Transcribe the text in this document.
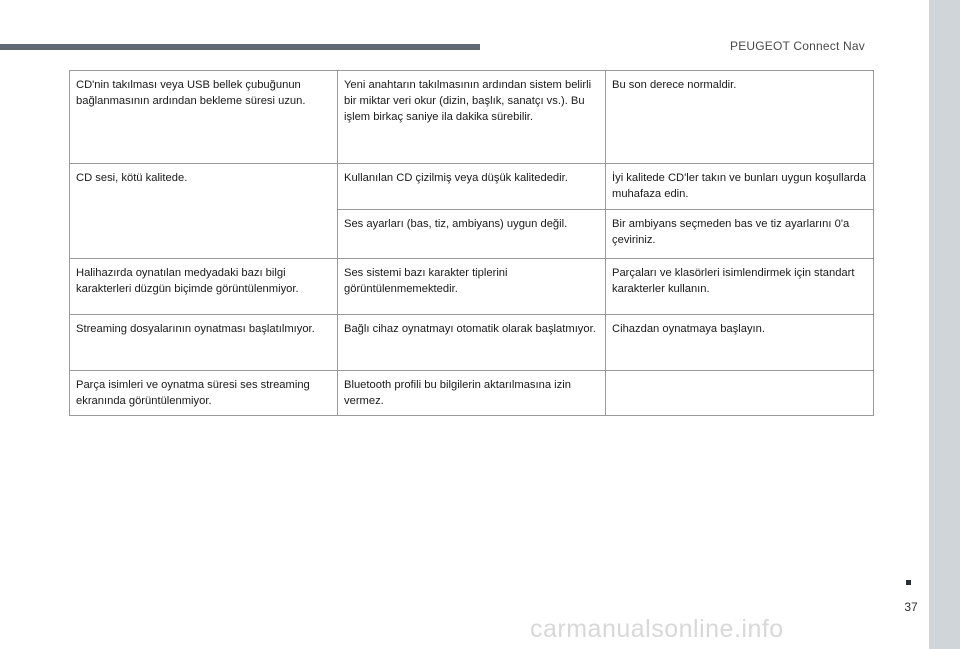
PEUGEOT Connect Nav
CD'nin takılması veya USB bellek çubuğunun bağlanmasının ardından bekleme süresi uzun.	Yeni anahtarın takılmasının ardından sistem belirli bir miktar veri okur (dizin, başlık, sanatçı vs.). Bu işlem birkaç saniye ila dakika sürebilir.	Bu son derece normaldir.
CD sesi, kötü kalitede.	Kullanılan CD çizilmiş veya düşük kalitededir.	İyi kalitede CD'ler takın ve bunları uygun koşullarda muhafaza edin.
	Ses ayarları (bas, tiz, ambiyans) uygun değil.	Bir ambiyans seçmeden bas ve tiz ayarlarını 0'a çeviriniz.
Halihazırda oynatılan medyadaki bazı bilgi karakterleri düzgün biçimde görüntülenmiyor.	Ses sistemi bazı karakter tiplerini görüntülenmemektedir.	Parçaları ve klasörleri isimlendirmek için standart karakterler kullanın.
Streaming dosyalarının oynatması başlatılmıyor.	Bağlı cihaz oynatmayı otomatik olarak başlatmıyor.	Cihazdan oynatmaya başlayın.
Parça isimleri ve oynatma süresi ses streaming ekranında görüntülenmiyor.	Bluetooth profili bu bilgilerin aktarılmasına izin vermez.	
37
carmanualsonline.info
